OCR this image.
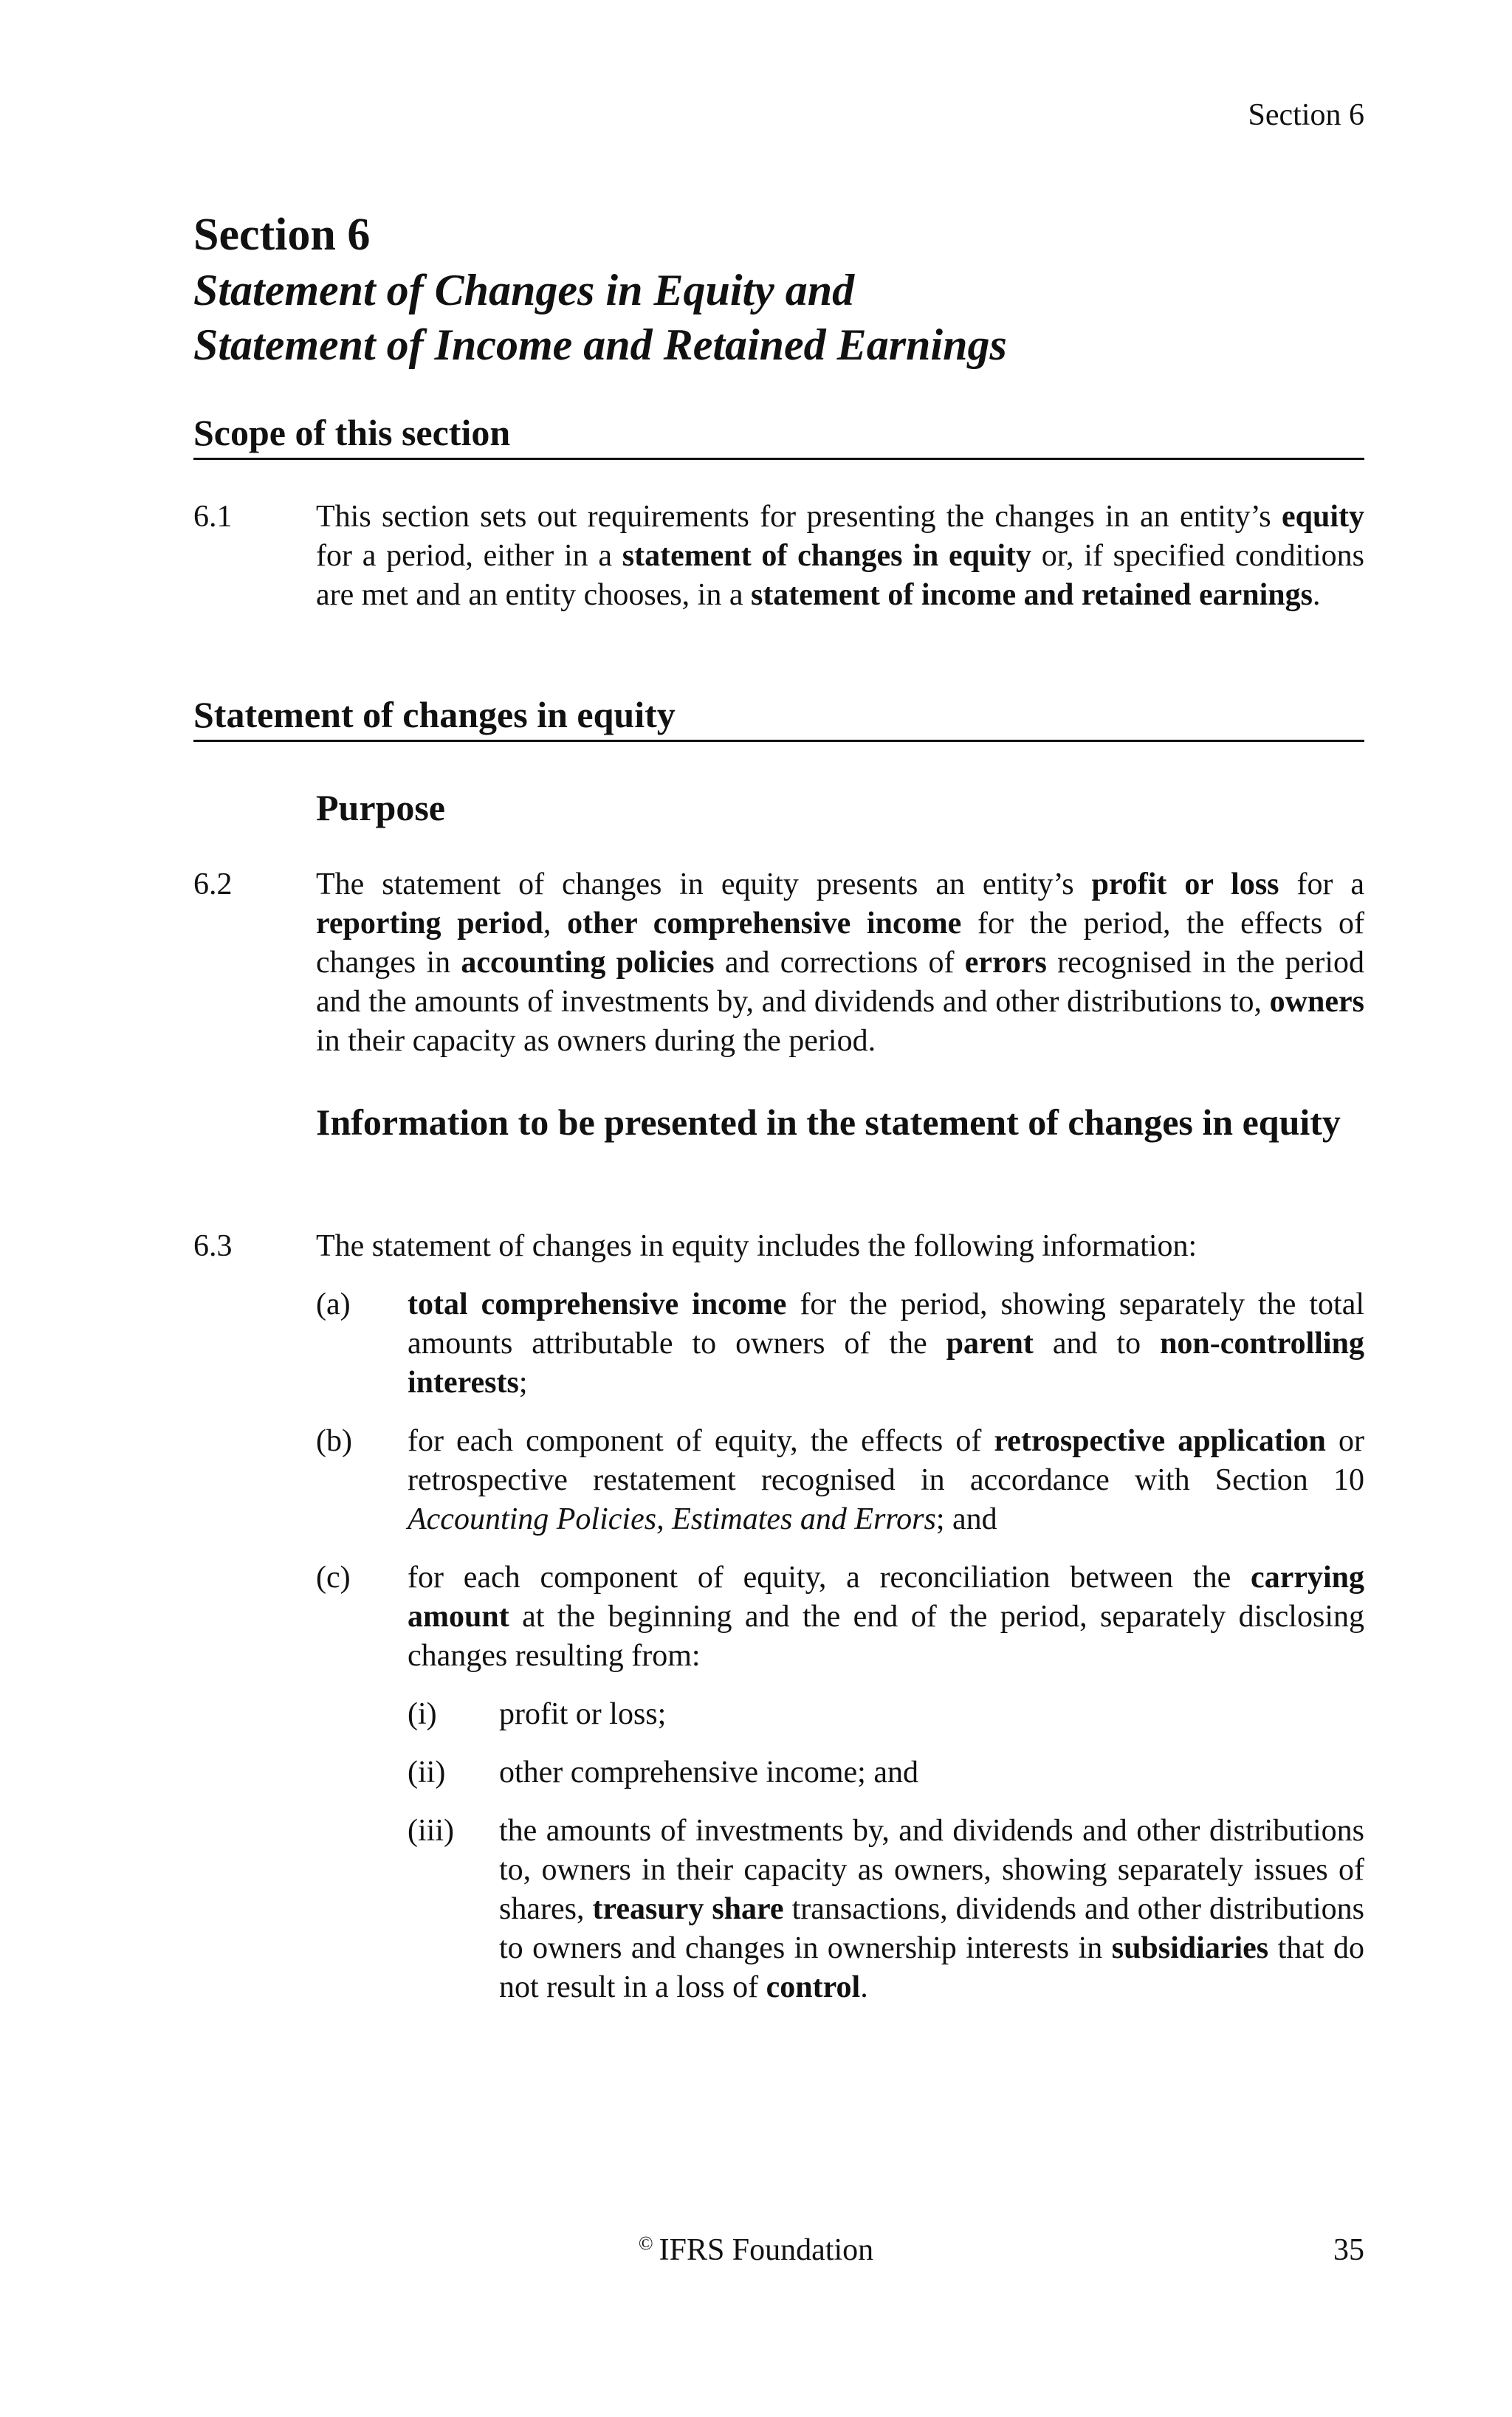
Section 6
Section 6
Statement of Changes in Equity and
Statement of Income and Retained Earnings
Scope of this section
6.1	This section sets out requirements for presenting the changes in an entity’s equity for a period, either in a statement of changes in equity or, if specified conditions are met and an entity chooses, in a statement of income and retained earnings.
Statement of changes in equity
Purpose
6.2	The statement of changes in equity presents an entity’s profit or loss for a reporting period, other comprehensive income for the period, the effects of changes in accounting policies and corrections of errors recognised in the period and the amounts of investments by, and dividends and other distributions to, owners in their capacity as owners during the period.
Information to be presented in the statement of changes in equity
6.3	The statement of changes in equity includes the following information:
(a) total comprehensive income for the period, showing separately the total amounts attributable to owners of the parent and to non-controlling interests;
(b) for each component of equity, the effects of retrospective application or retrospective restatement recognised in accordance with Section 10 Accounting Policies, Estimates and Errors; and
(c) for each component of equity, a reconciliation between the carrying amount at the beginning and the end of the period, separately disclosing changes resulting from:
(i) profit or loss;
(ii) other comprehensive income; and
(iii) the amounts of investments by, and dividends and other distributions to, owners in their capacity as owners, showing separately issues of shares, treasury share transactions, dividends and other distributions to owners and changes in ownership interests in subsidiaries that do not result in a loss of control.
© IFRS Foundation	35
